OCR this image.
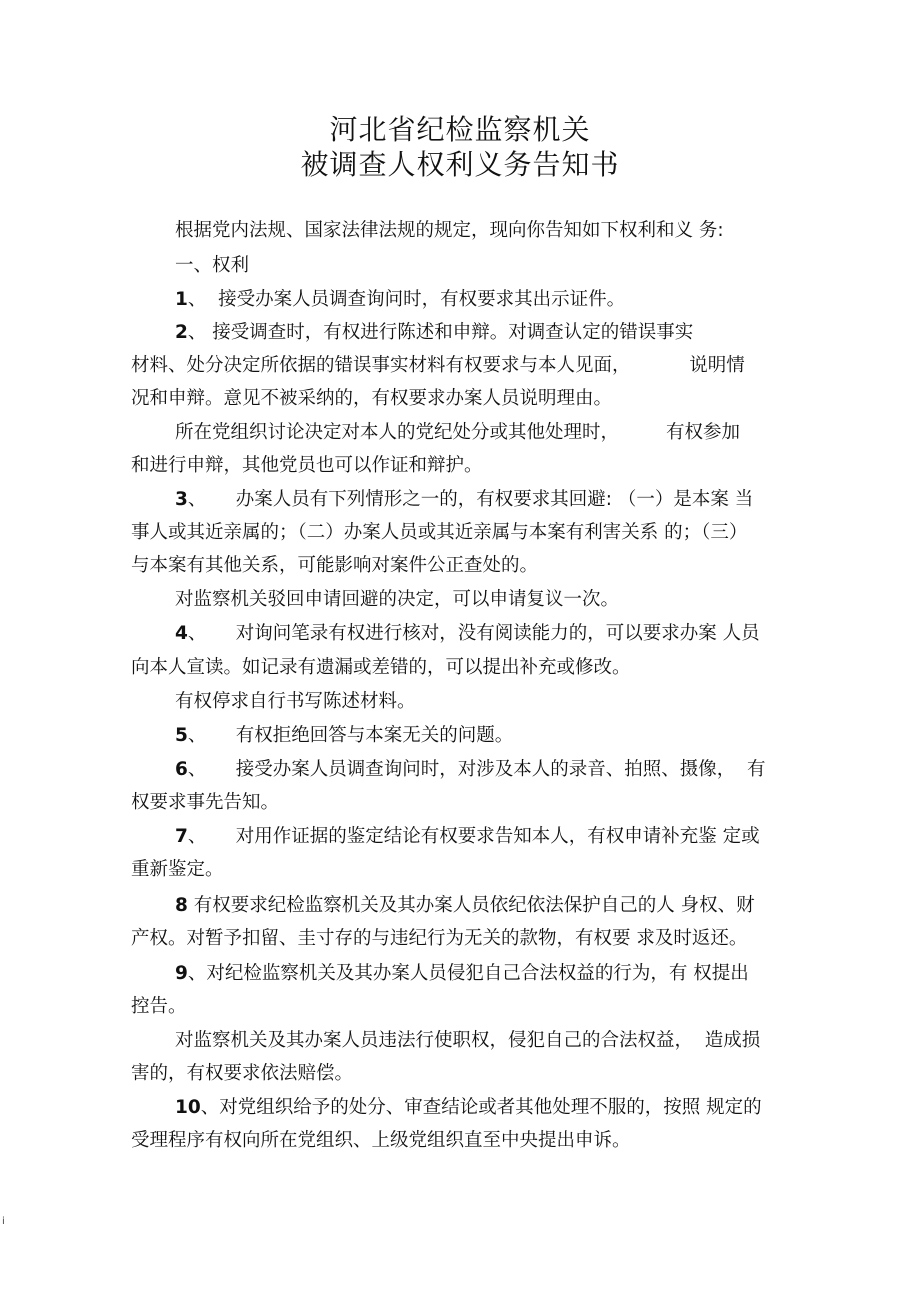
河北省纪检监察机关
被调查人权利义务告知书
根据党内法规、国家法律法规的规定，现向你告知如下权利和义 务:
一、权利
1、  接受办案人员调查询问时，有权要求其出示证件。
2、 接受调查时，有权进行陈述和申辩。对调查认定的错误事实
材料、处分决定所依据的错误事实材料有权要求与本人见面，          说明情
况和申辩。意见不被采纳的，有权要求办案人员说明理由。
所在党组织讨论决定对本人的党纪处分或其他处理时，        有权参加
和进行申辩，其他党员也可以作证和辩护。
3、     办案人员有下列情形之一的，有权要求其回避: （一）是本案 当
事人或其近亲属的；（二）办案人员或其近亲属与本案有利害关系 的；（三）
与本案有其他关系，可能影响对案件公正查处的。
对监察机关驳回申请回避的决定，可以申请复议一次。
4、     对询问笔录有权进行核对，没有阅读能力的，可以要求办案 人员
向本人宣读。如记录有遗漏或差错的，可以提出补充或修改。
有权停求自行书写陈述材料。
5、     有权拒绝回答与本案无关的问题。
6、     接受办案人员调查询问时，对涉及本人的录音、拍照、摄像，  有
权要求事先告知。
7、     对用作证据的鉴定结论有权要求告知本人，有权申请补充鉴 定或
重新鉴定。
8 有权要求纪检监察机关及其办案人员依纪依法保护自己的人 身权、财
产权。对暂予扣留、圭寸存的与违纪行为无关的款物，有权要 求及时返还。
9、对纪检监察机关及其办案人员侵犯自己合法权益的行为，有 权提出
控告。
对监察机关及其办案人员违法行使职权，侵犯自己的合法权益，  造成损
害的，有权要求依法赔偿。
10、对党组织给予的处分、审查结论或者其他处理不服的，按照 规定的
受理程序有权向所在党组织、上级党组织直至中央提出申诉。
i
